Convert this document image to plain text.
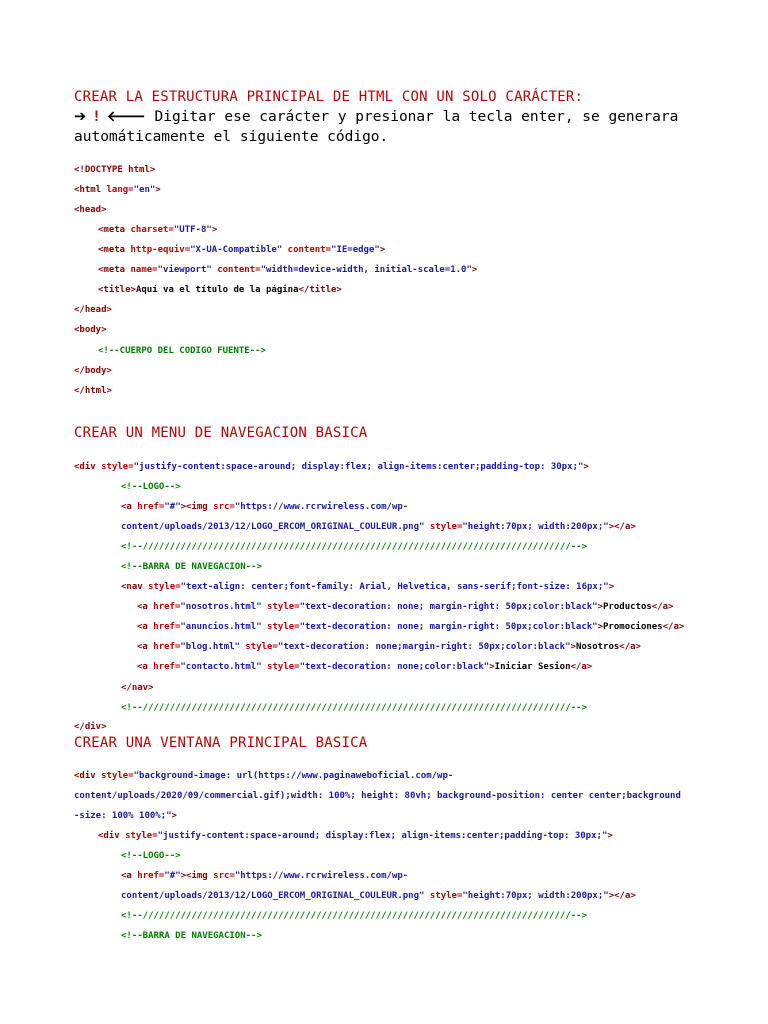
CREAR LA ESTRUCTURA PRINCIPAL DE HTML CON UN SOLO CARÁCTER:
➔ ! 🡐 Digitar ese carácter y presionar la tecla enter, se generara
automáticamente el siguiente código.
<!DOCTYPE html>
<html lang="en">
<head>
<meta charset="UTF-8">
<meta http-equiv="X-UA-Compatible" content="IE=edge">
<meta name="viewport" content="width=device-width, initial-scale=1.0">
<title>Aquí va el título de la página</title>
</head>
<body>
<!--CUERPO DEL CODIGO FUENTE-->
</body>
</html>
CREAR UN MENU DE NAVEGACION BASICA
<div style="justify-content:space-around; display:flex; align-items:center;padding-top: 30px;">
<!--LOGO-->
<a href="#"><img src="https://www.rcrwireless.com/wp-
content/uploads/2013/12/LOGO_ERCOM_ORIGINAL_COULEUR.png" style="height:70px; width:200px;"></a>
<!--///////////////////////////////////////////////////////////////////////////////-->
<!--BARRA DE NAVEGACION-->
<nav style="text-align: center;font-family: Arial, Helvetica, sans-serif;font-size: 16px;">
<a href="nosotros.html" style="text-decoration: none; margin-right: 50px;color:black">Productos</a>
<a href="anuncios.html" style="text-decoration: none; margin-right: 50px;color:black">Promociones</a>
<a href="blog.html" style="text-decoration: none;margin-right: 50px;color:black">Nosotros</a>
<a href="contacto.html" style="text-decoration: none;color:black">Iniciar Sesion</a>
</nav>
<!--///////////////////////////////////////////////////////////////////////////////-->
</div>
CREAR UNA VENTANA PRINCIPAL BASICA
<div style="background-image: url(https://www.paginaweboficial.com/wp-
content/uploads/2020/09/commercial.gif);width: 100%; height: 80vh; background-position: center center;background
-size: 100% 100%;">
<div style="justify-content:space-around; display:flex; align-items:center;padding-top: 30px;">
<!--LOGO-->
<a href="#"><img src="https://www.rcrwireless.com/wp-
content/uploads/2013/12/LOGO_ERCOM_ORIGINAL_COULEUR.png" style="height:70px; width:200px;"></a>
<!--///////////////////////////////////////////////////////////////////////////////-->
<!--BARRA DE NAVEGACION-->
